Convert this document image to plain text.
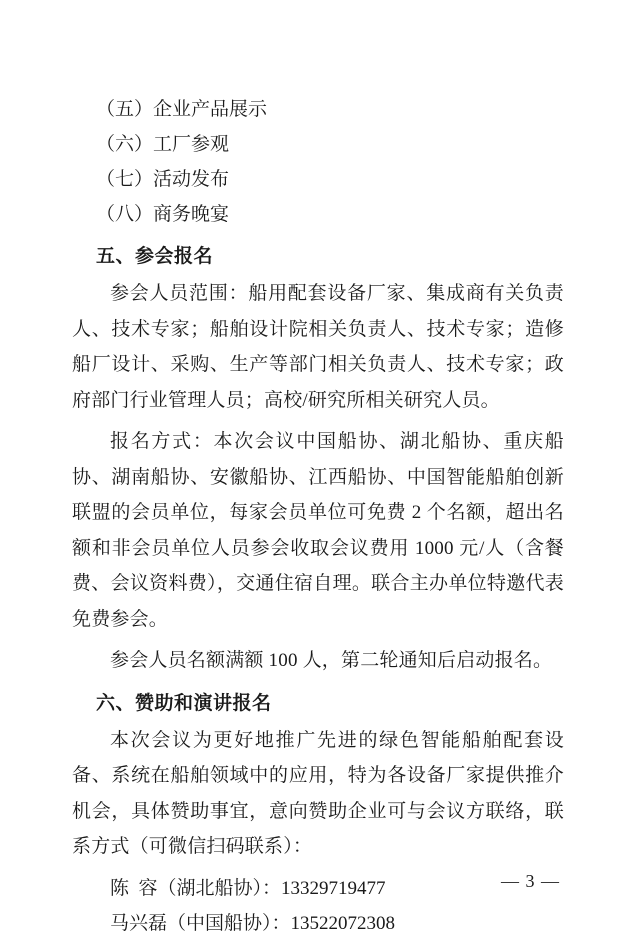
（五）企业产品展示
（六）工厂参观
（七）活动发布
（八）商务晚宴
五、参会报名

参会人员范围：船用配套设备厂家、集成商有关负责人、技术专家；船舶设计院相关负责人、技术专家；造修船厂设计、采购、生产等部门相关负责人、技术专家；政府部门行业管理人员；高校/研究所相关研究人员。

报名方式：本次会议中国船协、湖北船协、重庆船协、湖南船协、安徽船协、江西船协、中国智能船舶创新联盟的会员单位，每家会员单位可免费 2 个名额，超出名额和非会员单位人员参会收取会议费用 1000 元/人（含餐费、会议资料费），交通住宿自理。联合主办单位特邀代表免费参会。

参会人员名额满额 100 人，第二轮通知后启动报名。

六、赞助和演讲报名

本次会议为更好地推广先进的绿色智能船舶配套设备、系统在船舶领域中的应用，特为各设备厂家提供推介机会，具体赞助事宜，意向赞助企业可与会议方联络，联系方式（可微信扫码联系）：

陈  容（湖北船协）：13329719477
马兴磊（中国船协）：13522072308
— 3 —
